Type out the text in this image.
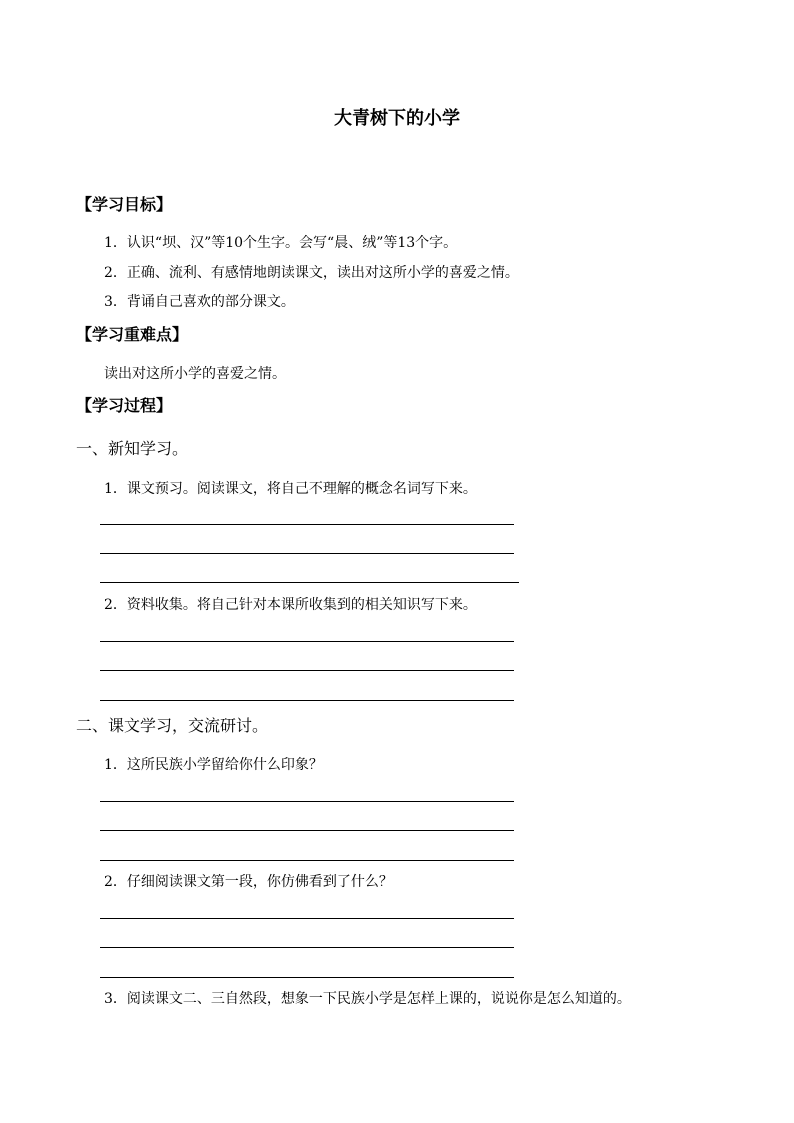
大青树下的小学
【学习目标】
1．认识“坝、汉”等10个生字。会写“晨、绒”等13个字。
2．正确、流利、有感情地朗读课文，读出对这所小学的喜爱之情。
3．背诵自己喜欢的部分课文。
【学习重难点】
读出对这所小学的喜爱之情。
【学习过程】
一、新知学习。
1．课文预习。阅读课文，将自己不理解的概念名词写下来。
2．资料收集。将自己针对本课所收集到的相关知识写下来。
二、课文学习，交流研讨。
1．这所民族小学留给你什么印象？
2．仔细阅读课文第一段，你仿佛看到了什么？
3．阅读课文二、三自然段，想象一下民族小学是怎样上课的，说说你是怎么知道的。
